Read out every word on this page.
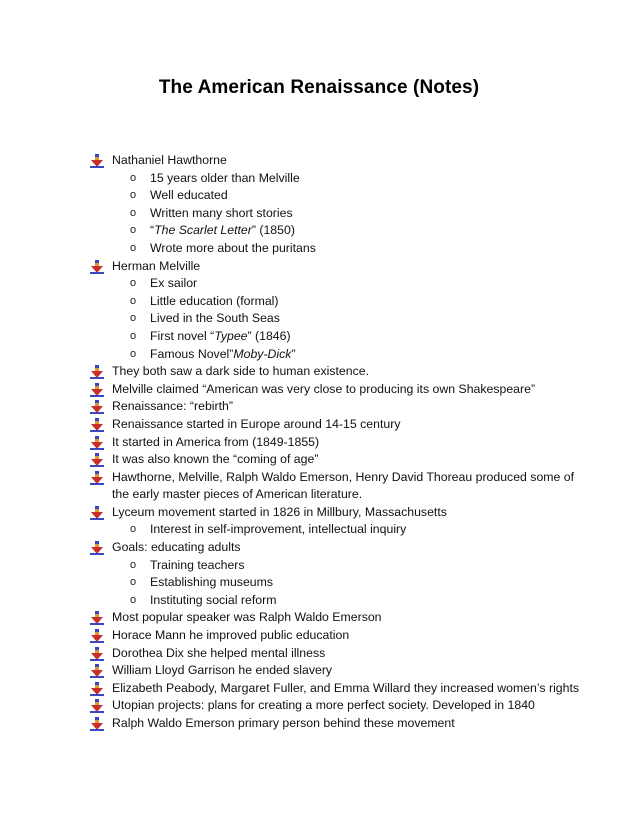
The American Renaissance (Notes)
Nathaniel Hawthorne
o	15 years older than Melville
o	Well educated
o	Written many short stories
o	“The Scarlet Letter” (1850)
o	Wrote more about the puritans
Herman Melville
o	Ex sailor
o	Little education (formal)
o	Lived in the South Seas
o	First novel “Typee” (1846)
o	Famous Novel”Moby-Dick”
They both saw a dark side to human existence.
Melville claimed “American was very close to producing its own Shakespeare”
Renaissance: “rebirth”
Renaissance started in Europe around 14-15 century
It started in America from (1849-1855)
It was also known the “coming of age”
Hawthorne, Melville, Ralph Waldo Emerson, Henry David Thoreau produced some of
the early master pieces of American literature.
Lyceum movement started in 1826 in Millbury, Massachusetts
o	Interest in self-improvement, intellectual inquiry
Goals: educating adults
o	Training teachers
o	Establishing museums
o	Instituting social reform
Most popular speaker was Ralph Waldo Emerson
Horace Mann he improved public education
Dorothea Dix she helped mental illness
William Lloyd Garrison he ended slavery
Elizabeth Peabody, Margaret Fuller, and Emma Willard they increased women’s rights
Utopian projects: plans for creating a more perfect society. Developed in 1840
Ralph Waldo Emerson primary person behind these movement
